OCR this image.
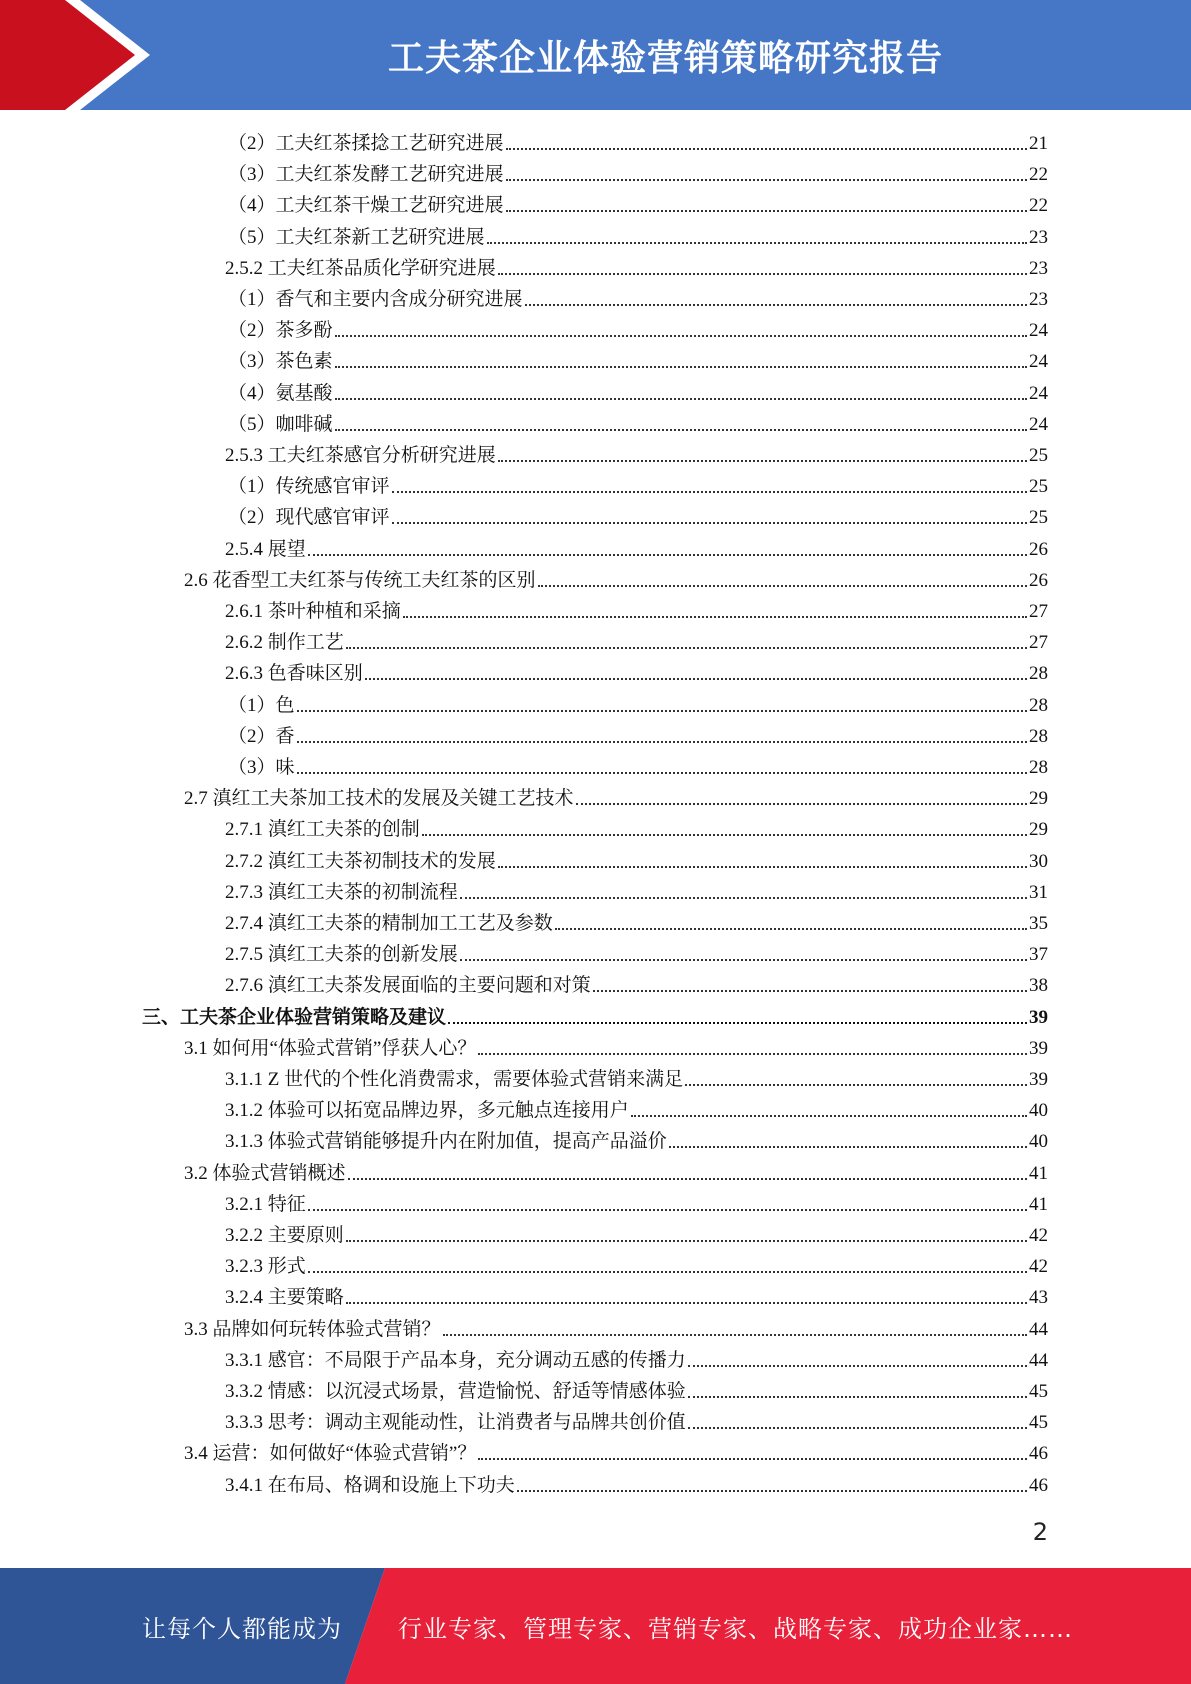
工夫茶企业体验营销策略研究报告
（2）工夫红茶揉捻工艺研究进展	21
（3）工夫红茶发酵工艺研究进展	22
（4）工夫红茶干燥工艺研究进展	22
（5）工夫红茶新工艺研究进展	23
2.5.2 工夫红茶品质化学研究进展	23
（1）香气和主要内含成分研究进展	23
（2）茶多酚	24
（3）茶色素	24
（4）氨基酸	24
（5）咖啡碱	24
2.5.3 工夫红茶感官分析研究进展	25
（1）传统感官审评	25
（2）现代感官审评	25
2.5.4 展望	26
2.6 花香型工夫红茶与传统工夫红茶的区别	26
2.6.1 茶叶种植和采摘	27
2.6.2 制作工艺	27
2.6.3 色香味区别	28
（1）色	28
（2）香	28
（3）味	28
2.7 滇红工夫茶加工技术的发展及关键工艺技术	29
2.7.1 滇红工夫茶的创制	29
2.7.2 滇红工夫茶初制技术的发展	30
2.7.3 滇红工夫茶的初制流程	31
2.7.4 滇红工夫茶的精制加工工艺及参数	35
2.7.5 滇红工夫茶的创新发展	37
2.7.6 滇红工夫茶发展面临的主要问题和对策	38
三、工夫茶企业体验营销策略及建议	39
3.1 如何用“体验式营销”俘获人心？	39
3.1.1 Z 世代的个性化消费需求，需要体验式营销来满足	39
3.1.2 体验可以拓宽品牌边界，多元触点连接用户	40
3.1.3 体验式营销能够提升内在附加值，提高产品溢价	40
3.2 体验式营销概述	41
3.2.1 特征	41
3.2.2 主要原则	42
3.2.3 形式	42
3.2.4 主要策略	43
3.3 品牌如何玩转体验式营销？	44
3.3.1 感官：不局限于产品本身，充分调动五感的传播力	44
3.3.2 情感：以沉浸式场景，营造愉悦、舒适等情感体验	45
3.3.3 思考：调动主观能动性，让消费者与品牌共创价值	45
3.4 运营：如何做好“体验式营销”？	46
3.4.1 在布局、格调和设施上下功夫	46
2
让每个人都能成为 行业专家、管理专家、营销专家、战略专家、成功企业家……
